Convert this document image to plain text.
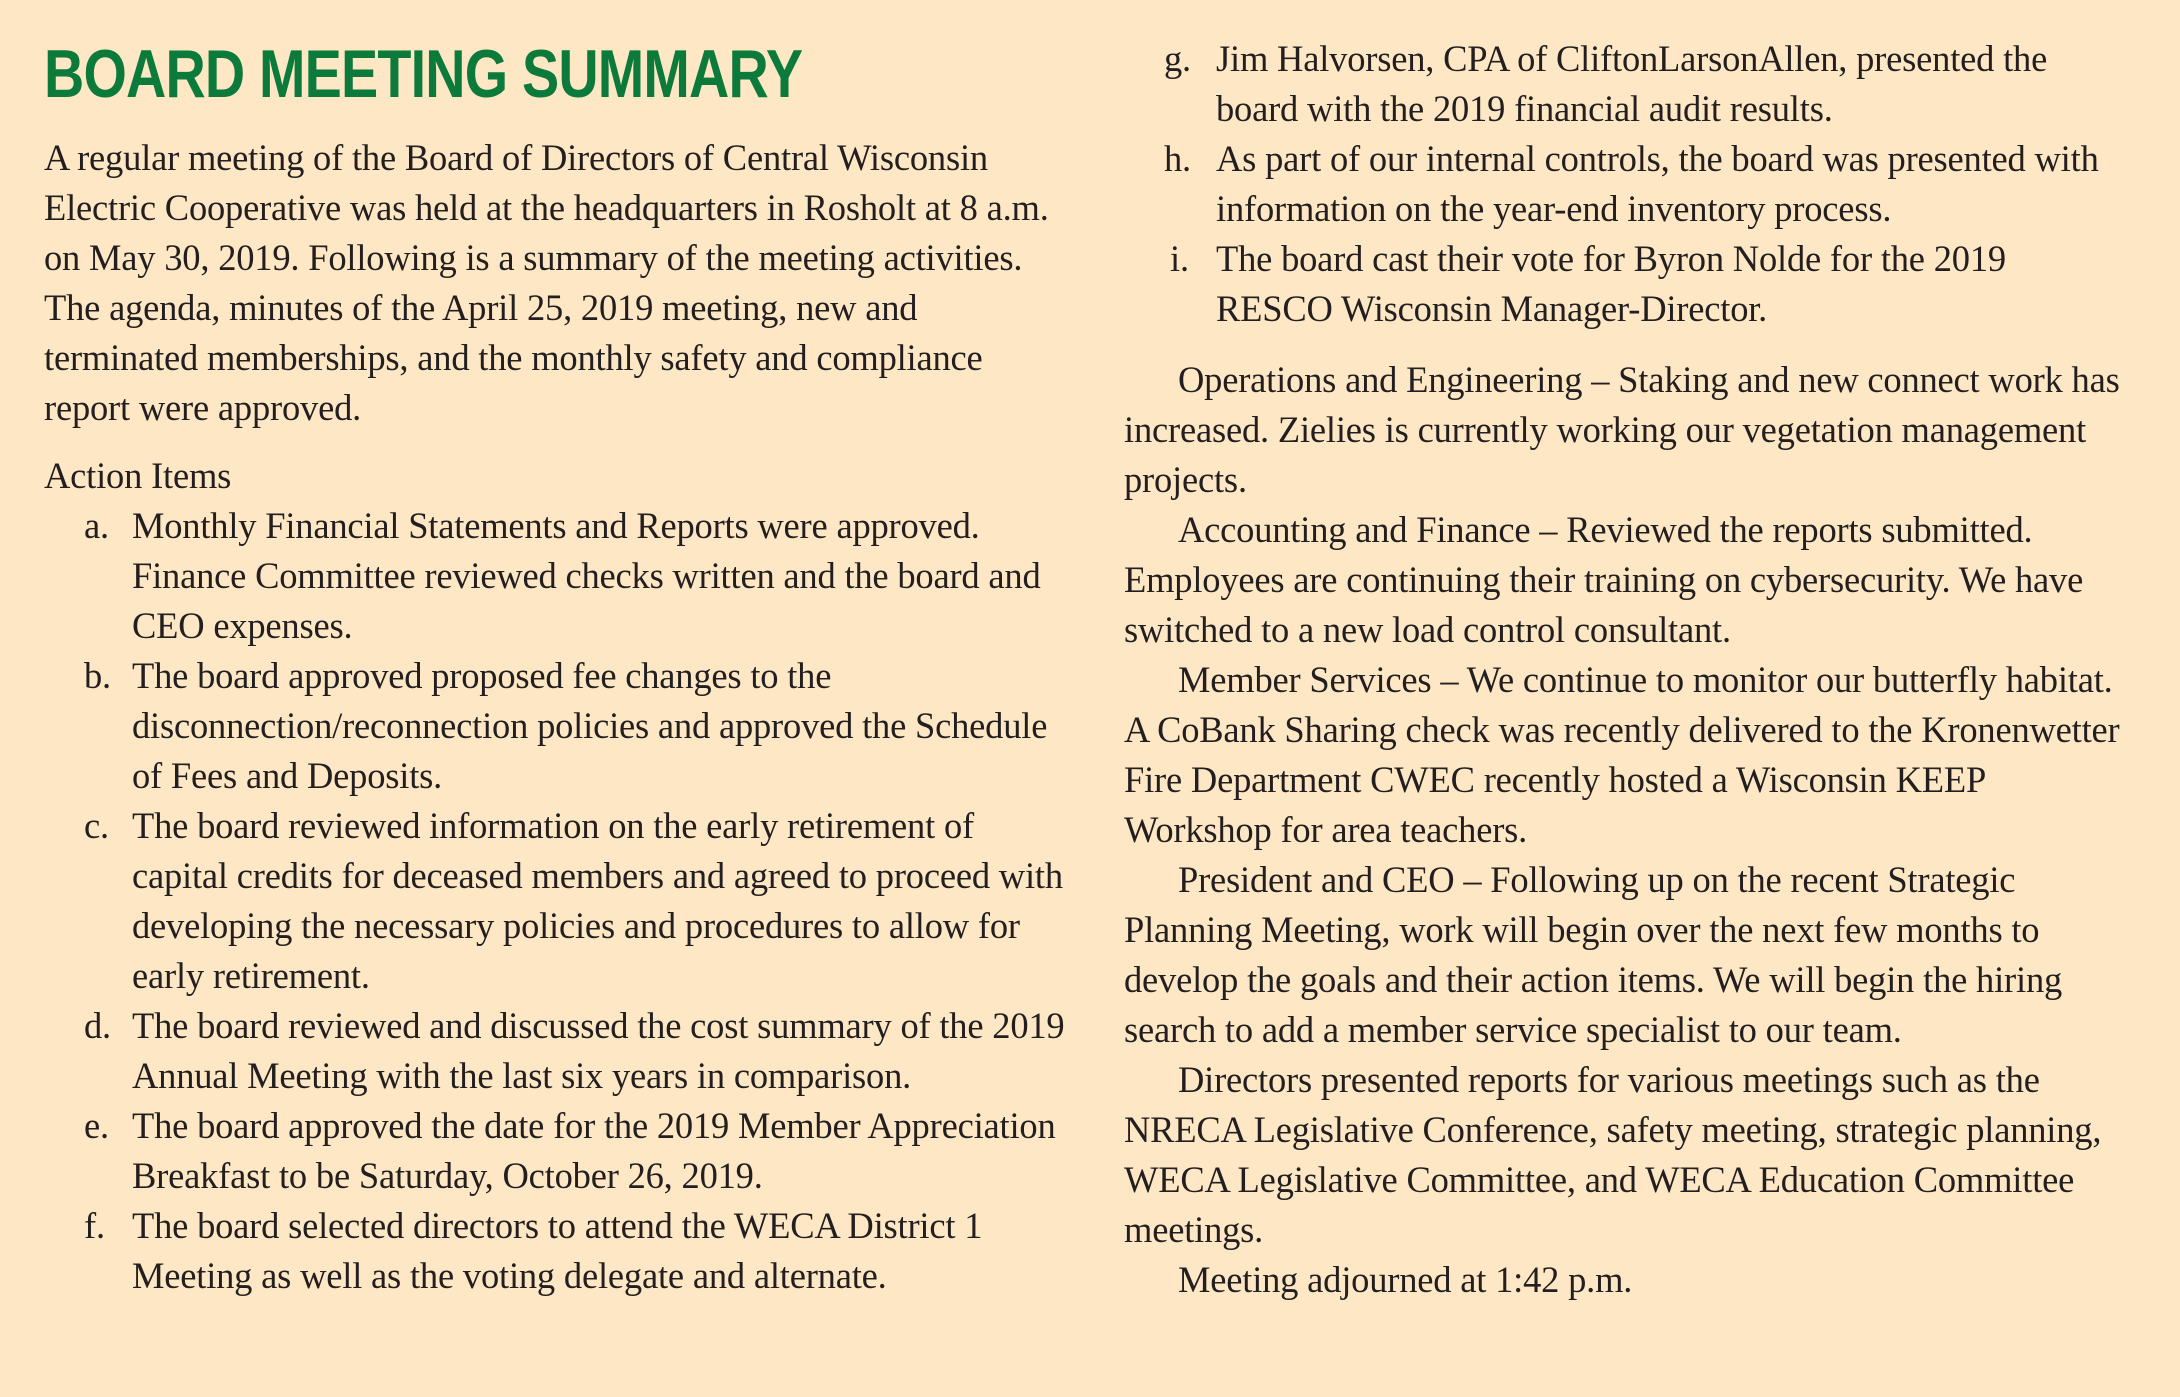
BOARD MEETING SUMMARY

A regular meeting of the Board of Directors of Central Wisconsin Electric Cooperative was held at the headquarters in Rosholt at 8 a.m. on May 30, 2019. Following is a summary of the meeting activities. The agenda, minutes of the April 25, 2019 meeting, new and terminated memberships, and the monthly safety and compliance report were approved.

Action Items

a. Monthly Financial Statements and Reports were approved. Finance Committee reviewed checks written and the board and CEO expenses.
b. The board approved proposed fee changes to the disconnection/reconnection policies and approved the Schedule of Fees and Deposits.
c. The board reviewed information on the early retirement of capital credits for deceased members and agreed to proceed with developing the necessary policies and procedures to allow for early retirement.
d. The board reviewed and discussed the cost summary of the 2019 Annual Meeting with the last six years in comparison.
e. The board approved the date for the 2019 Member Appreciation Breakfast to be Saturday, October 26, 2019.
f. The board selected directors to attend the WECA District 1 Meeting as well as the voting delegate and alternate.
g. Jim Halvorsen, CPA of CliftonLarsonAllen, presented the board with the 2019 financial audit results.
h. As part of our internal controls, the board was presented with information on the year-end inventory process.
i. The board cast their vote for Byron Nolde for the 2019 RESCO Wisconsin Manager-Director.

Operations and Engineering – Staking and new connect work has increased. Zielies is currently working our vegetation management projects.

Accounting and Finance – Reviewed the reports submitted. Employees are continuing their training on cybersecurity. We have switched to a new load control consultant.

Member Services – We continue to monitor our butterfly habitat. A CoBank Sharing check was recently delivered to the Kronenwetter Fire Department CWEC recently hosted a Wisconsin KEEP Workshop for area teachers.

President and CEO – Following up on the recent Strategic Planning Meeting, work will begin over the next few months to develop the goals and their action items. We will begin the hiring search to add a member service specialist to our team.

Directors presented reports for various meetings such as the NRECA Legislative Conference, safety meeting, strategic planning, WECA Legislative Committee, and WECA Education Committee meetings.

Meeting adjourned at 1:42 p.m.
